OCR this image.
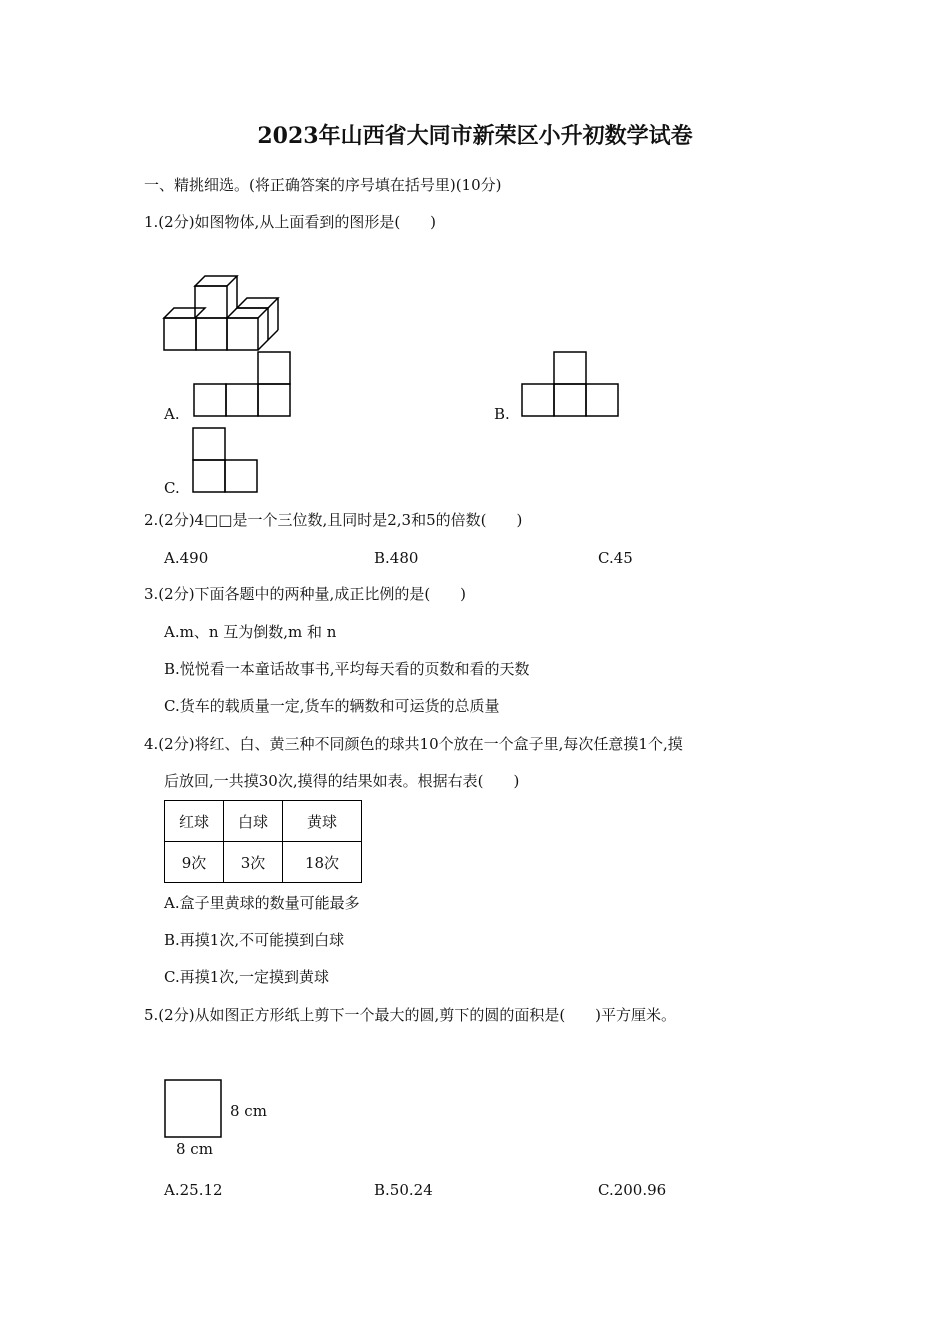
2023年山西省大同市新荣区小升初数学试卷
一、精挑细选。(将正确答案的序号填在括号里)(10分)
1.(2分)如图物体,从上面看到的图形是(　　)
A.	B.
C.
2.(2分)4□□是一个三位数,且同时是2,3和5的倍数(　　)
A.490	B.480	C.45
3.(2分)下面各题中的两种量,成正比例的是(　　)
A.m、n 互为倒数,m 和 n
B.悦悦看一本童话故事书,平均每天看的页数和看的天数
C.货车的载质量一定,货车的辆数和可运货的总质量
4.(2分)将红、白、黄三种不同颜色的球共10个放在一个盒子里,每次任意摸1个,摸
后放回,一共摸30次,摸得的结果如表。根据右表(　　)
红球	白球	黄球
9次	3次	18次
A.盒子里黄球的数量可能最多
B.再摸1次,不可能摸到白球
C.再摸1次,一定摸到黄球
5.(2分)从如图正方形纸上剪下一个最大的圆,剪下的圆的面积是(　　)平方厘米。
8 cm
8 cm
A.25.12	B.50.24	C.200.96
